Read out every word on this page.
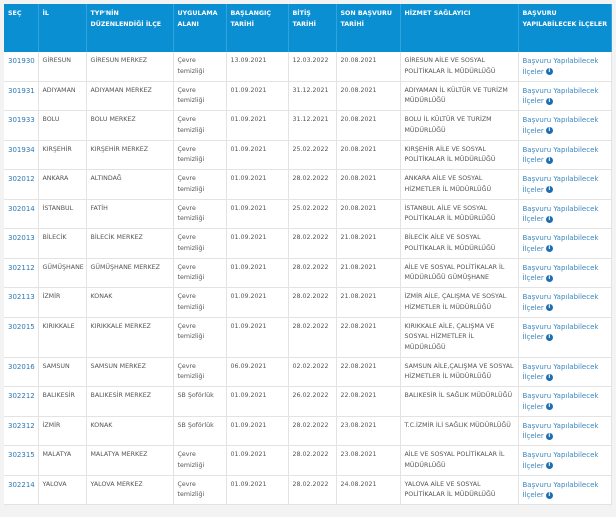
SEÇ	İL	TYP'NİN DÜZENLENDİĞİ İLÇE	UYGULAMA ALANI	BAŞLANGIÇ TARİHİ	BİTİŞ TARİHİ	SON BAŞVURU TARİHİ	HİZMET SAĞLAYICI	BAŞVURU YAPILABİLECEK İLÇELER
301930	GİRESUN	GİRESUN MERKEZ	Çevre temizliği	13.09.2021	12.03.2022	20.08.2021	GİRESUN AİLE VE SOSYAL POLİTİKALAR İL MÜDÜRLÜĞÜ	Başvuru Yapılabilecek İlçeler i
301931	ADIYAMAN	ADIYAMAN MERKEZ	Çevre temizliği	01.09.2021	31.12.2021	20.08.2021	ADIYAMAN İL KÜLTÜR VE TURİZM MÜDÜRLÜĞÜ	Başvuru Yapılabilecek İlçeler i
301933	BOLU	BOLU MERKEZ	Çevre temizliği	01.09.2021	31.12.2021	20.08.2021	BOLU İL KÜLTÜR VE TURİZM MÜDÜRLÜĞÜ	Başvuru Yapılabilecek İlçeler i
301934	KIRŞEHİR	KIRŞEHİR MERKEZ	Çevre temizliği	01.09.2021	25.02.2022	20.08.2021	KIRŞEHİR AİLE VE SOSYAL POLİTİKALAR İL MÜDÜRLÜĞÜ	Başvuru Yapılabilecek İlçeler i
302012	ANKARA	ALTINDAĞ	Çevre temizliği	01.09.2021	28.02.2022	20.08.2021	ANKARA AİLE VE SOSYAL HİZMETLER İL MÜDÜRLÜĞÜ	Başvuru Yapılabilecek İlçeler i
302014	İSTANBUL	FATİH	Çevre temizliği	01.09.2021	25.02.2022	20.08.2021	İSTANBUL AİLE VE SOSYAL POLİTİKALAR İL MÜDÜRLÜĞÜ	Başvuru Yapılabilecek İlçeler i
302013	BİLECİK	BİLECİK MERKEZ	Çevre temizliği	01.09.2021	28.02.2022	21.08.2021	BİLECİK AİLE VE SOSYAL POLİTİKALAR İL MÜDÜRLÜĞÜ	Başvuru Yapılabilecek İlçeler i
302112	GÜMÜŞHANE	GÜMÜŞHANE MERKEZ	Çevre temizliği	01.09.2021	28.02.2022	21.08.2021	AİLE VE SOSYAL POLİTİKALAR İL MÜDÜRLÜĞÜ GÜMÜŞHANE	Başvuru Yapılabilecek İlçeler i
302113	İZMİR	KONAK	Çevre temizliği	01.09.2021	28.02.2022	21.08.2021	İZMİR AİLE, ÇALIŞMA VE SOSYAL HİZMETLER İL MÜDÜRLÜĞÜ	Başvuru Yapılabilecek İlçeler i
302015	KIRIKKALE	KIRIKKALE MERKEZ	Çevre temizliği	01.09.2021	28.02.2022	22.08.2021	KIRIKKALE AİLE, ÇALIŞMA VE SOSYAL HİZMETLER İL MÜDÜRLÜĞÜ	Başvuru Yapılabilecek İlçeler i
302016	SAMSUN	SAMSUN MERKEZ	Çevre temizliği	06.09.2021	02.02.2022	22.08.2021	SAMSUN AİLE,ÇALIŞMA VE SOSYAL HİZMETLER İL MÜDÜRLÜĞÜ	Başvuru Yapılabilecek İlçeler i
302212	BALIKESİR	BALIKESİR MERKEZ	SB Şoförlük	01.09.2021	26.02.2022	22.08.2021	BALIKESİR İL SAĞLIK MÜDÜRLÜĞÜ	Başvuru Yapılabilecek İlçeler i
302312	İZMİR	KONAK	SB Şoförlük	01.09.2021	28.02.2022	23.08.2021	T.C.İZMİR İLİ SAĞLIK MÜDÜRLÜĞÜ	Başvuru Yapılabilecek İlçeler i
302315	MALATYA	MALATYA MERKEZ	Çevre temizliği	01.09.2021	28.02.2022	23.08.2021	AİLE VE SOSYAL POLİTİKALAR İL MÜDÜRLÜĞÜ	Başvuru Yapılabilecek İlçeler i
302214	YALOVA	YALOVA MERKEZ	Çevre temizliği	01.09.2021	28.02.2022	24.08.2021	YALOVA AİLE VE SOSYAL POLİTİKALAR İL MÜDÜRLÜĞÜ	Başvuru Yapılabilecek İlçeler i
